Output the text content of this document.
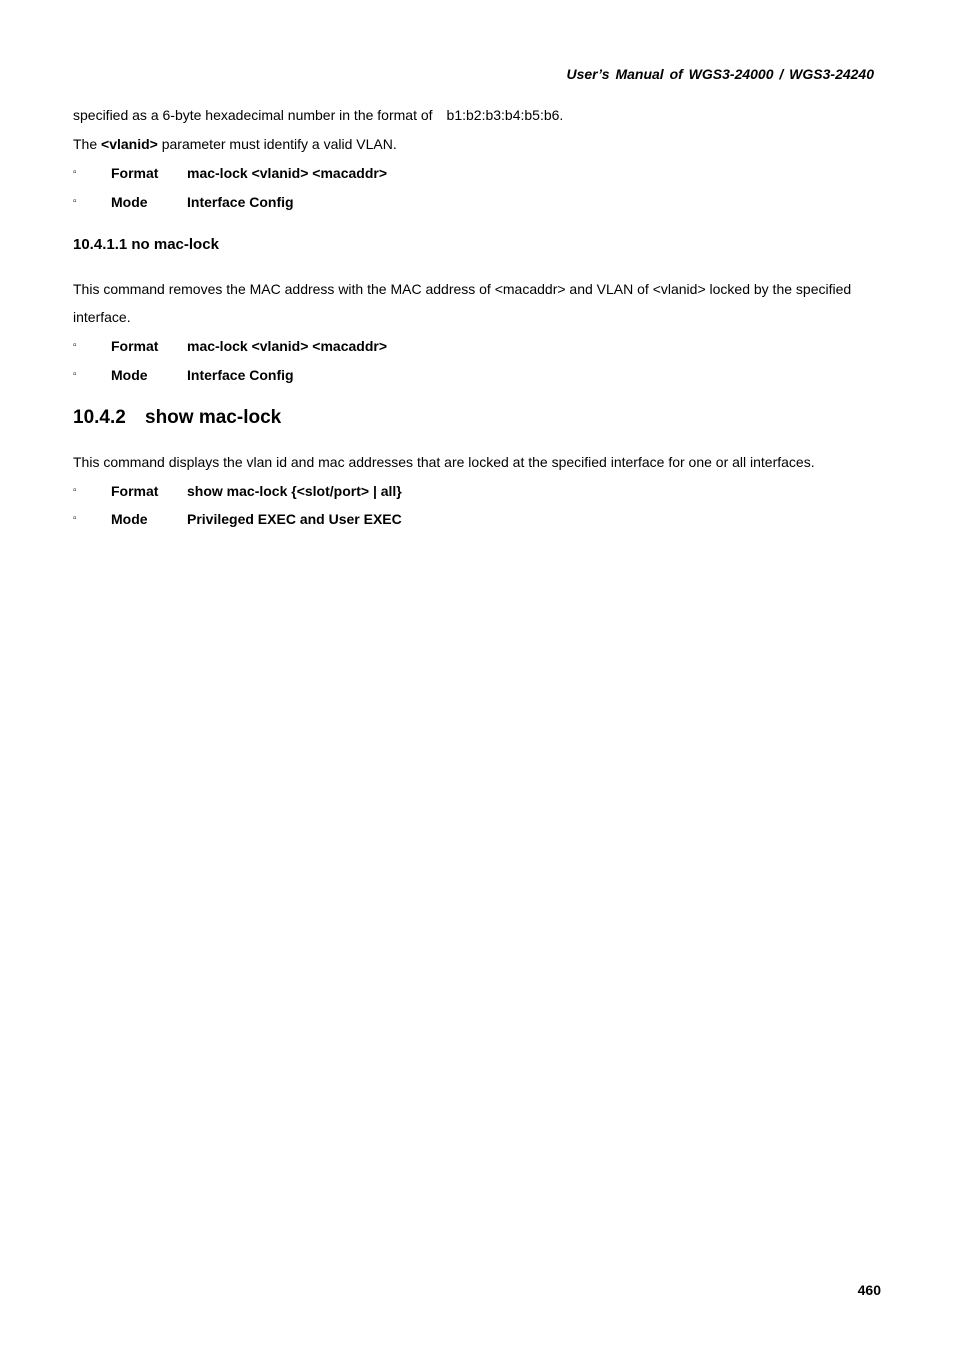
User’s Manual of WGS3-24000 / WGS3-24240
specified as a 6-byte hexadecimal number in the format of b1:b2:b3:b4:b5:b6.
The <vlanid> parameter must identify a valid VLAN.
▫ Format mac-lock <vlanid> <macaddr>
▫ Mode	Interface Config
10.4.1.1 no mac-lock
This command removes the MAC address with the MAC address of <macaddr> and VLAN of <vlanid> locked by the specified
interface.
▫ Format mac-lock <vlanid> <macaddr>
▫ Mode	Interface Config
10.4.2 show mac-lock
This command displays the vlan id and mac addresses that are locked at the specified interface for one or all interfaces.
▫ Format show mac-lock {<slot/port> | all}
▫ Mode	Privileged EXEC and User EXEC
460
